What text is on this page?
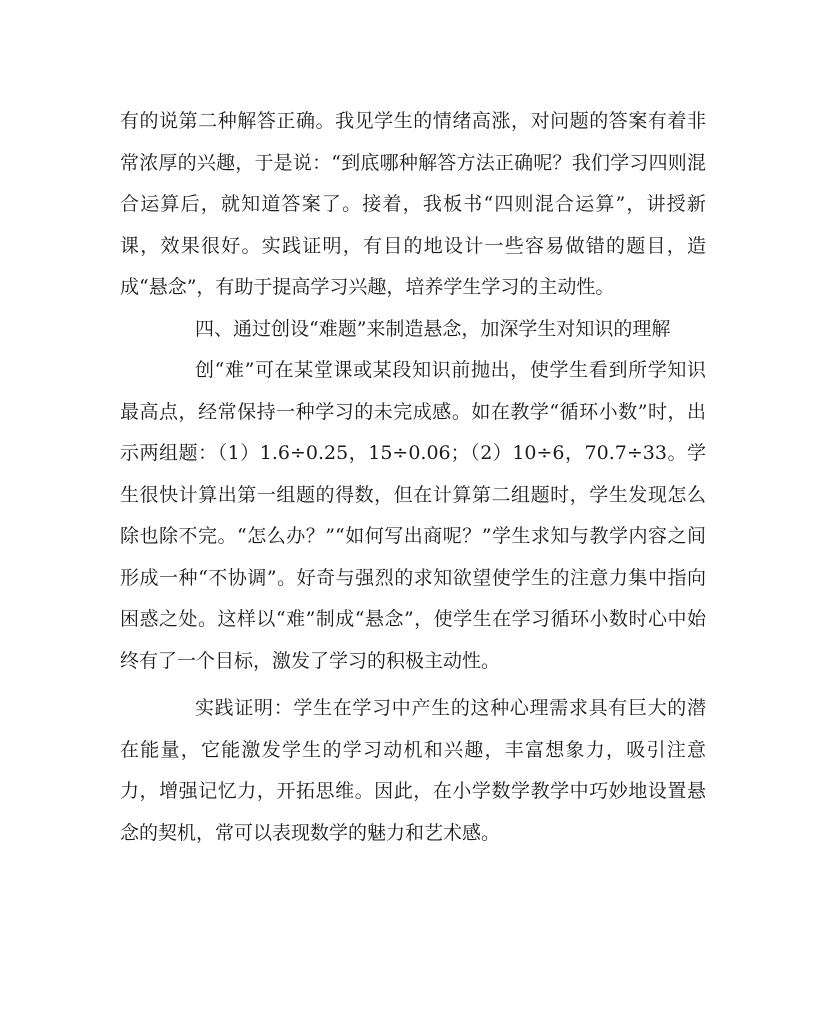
有的说第二种解答正确。我见学生的情绪高涨，对问题的答案有着非常浓厚的兴趣，于是说：“到底哪种解答方法正确呢？我们学习四则混合运算后，就知道答案了。接着，我板书“四则混合运算”，讲授新课，效果很好。实践证明，有目的地设计一些容易做错的题目，造成“悬念”，有助于提高学习兴趣，培养学生学习的主动性。

四、通过创设“难题”来制造悬念，加深学生对知识的理解

创“难”可在某堂课或某段知识前抛出，使学生看到所学知识最高点，经常保持一种学习的未完成感。如在教学“循环小数”时，出示两组题：（1）1.6÷0.25，15÷0.06；（2）10÷6，70.7÷33。学生很快计算出第一组题的得数，但在计算第二组题时，学生发现怎么除也除不完。“怎么办？”“如何写出商呢？”学生求知与教学内容之间形成一种“不协调”。好奇与强烈的求知欲望使学生的注意力集中指向困惑之处。这样以“难”制成“悬念”，使学生在学习循环小数时心中始终有了一个目标，激发了学习的积极主动性。

实践证明：学生在学习中产生的这种心理需求具有巨大的潜在能量，它能激发学生的学习动机和兴趣，丰富想象力，吸引注意力，增强记忆力，开拓思维。因此，在小学数学教学中巧妙地设置悬念的契机，常可以表现数学的魅力和艺术感。
